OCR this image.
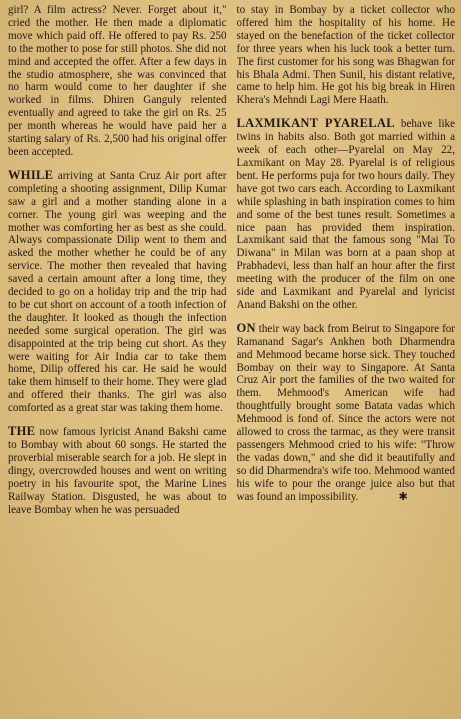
girl? A film actress? Never. Forget about it," cried the mother. He then made a diplomatic move which paid off. He offered to pay Rs. 250 to the mother to pose for still photos. She did not mind and accepted the offer. After a few days in the studio atmosphere, she was convinced that no harm would come to her daughter if she worked in films. Dhiren Ganguly relented eventually and agreed to take the girl on Rs. 25 per month whereas he would have paid her a starting salary of Rs. 2,500 had his original offer been accepted.

WHILE arriving at Santa Cruz Air port after completing a shooting assignment, Dilip Kumar saw a girl and a mother standing alone in a corner. The young girl was weeping and the mother was comforting her as best as she could. Always compassionate Dilip went to them and asked the mother whether he could be of any service. The mother then revealed that having saved a certain amount after a long time, they decided to go on a holiday trip and the trip had to be cut short on account of a tooth infection of the daughter. It looked as though the infection needed some surgical operation. The girl was disappointed at the trip being cut short. As they were waiting for Air India car to take them home, Dilip offered his car. He said he would take them himself to their home. They were glad and offered their thanks. The girl was also comforted as a great star was taking them home.

THE now famous lyricist Anand Bakshi came to Bombay with about 60 songs. He started the proverbial miserable search for a job. He slept in dingy, overcrowded houses and went on writing poetry in his favourite spot, the Marine Lines Railway Station. Disgusted, he was about to leave Bombay when he was persuaded

to stay in Bombay by a ticket collector who offered him the hospitality of his home. He stayed on the benefaction of the ticket collector for three years when his luck took a better turn. The first customer for his song was Bhagwan for his Bhala Admi. Then Sunil, his distant relative, came to help him. He got his big break in Hiren Khera's Mehndi Lagi Mere Haath.

LAXMIKANT PYARELAL behave like twins in habits also. Both got married within a week of each other—Pyarelal on May 22, Laxmikant on May 28. Pyarelal is of religious bent. He performs puja for two hours daily. They have got two cars each. According to Laxmikant while splashing in bath inspiration comes to him and some of the best tunes result. Sometimes a nice paan has provided them inspiration. Laxmikant said that the famous song "Mai To Diwana" in Milan was born at a paan shop at Prabhadevi, less than half an hour after the first meeting with the producer of the film on one side and Laxmikant and Pyarelal and lyricist Anand Bakshi on the other.

ON their way back from Beirut to Singapore for Ramanand Sagar's Ankhen both Dharmendra and Mehmood became horse sick. They touched Bombay on their way to Singapore. At Santa Cruz Air port the families of the two waited for them. Mehmood's American wife had thoughtfully brought some Batata vadas which Mehmood is fond of. Since the actors were not allowed to cross the tarmac, as they were transit passengers Mehmood cried to his wife: "Throw the vadas down," and she did it beautifully and so did Dharmendra's wife too. Mehmood wanted his wife to pour the orange juice also but that was found an impossibility.	✱
